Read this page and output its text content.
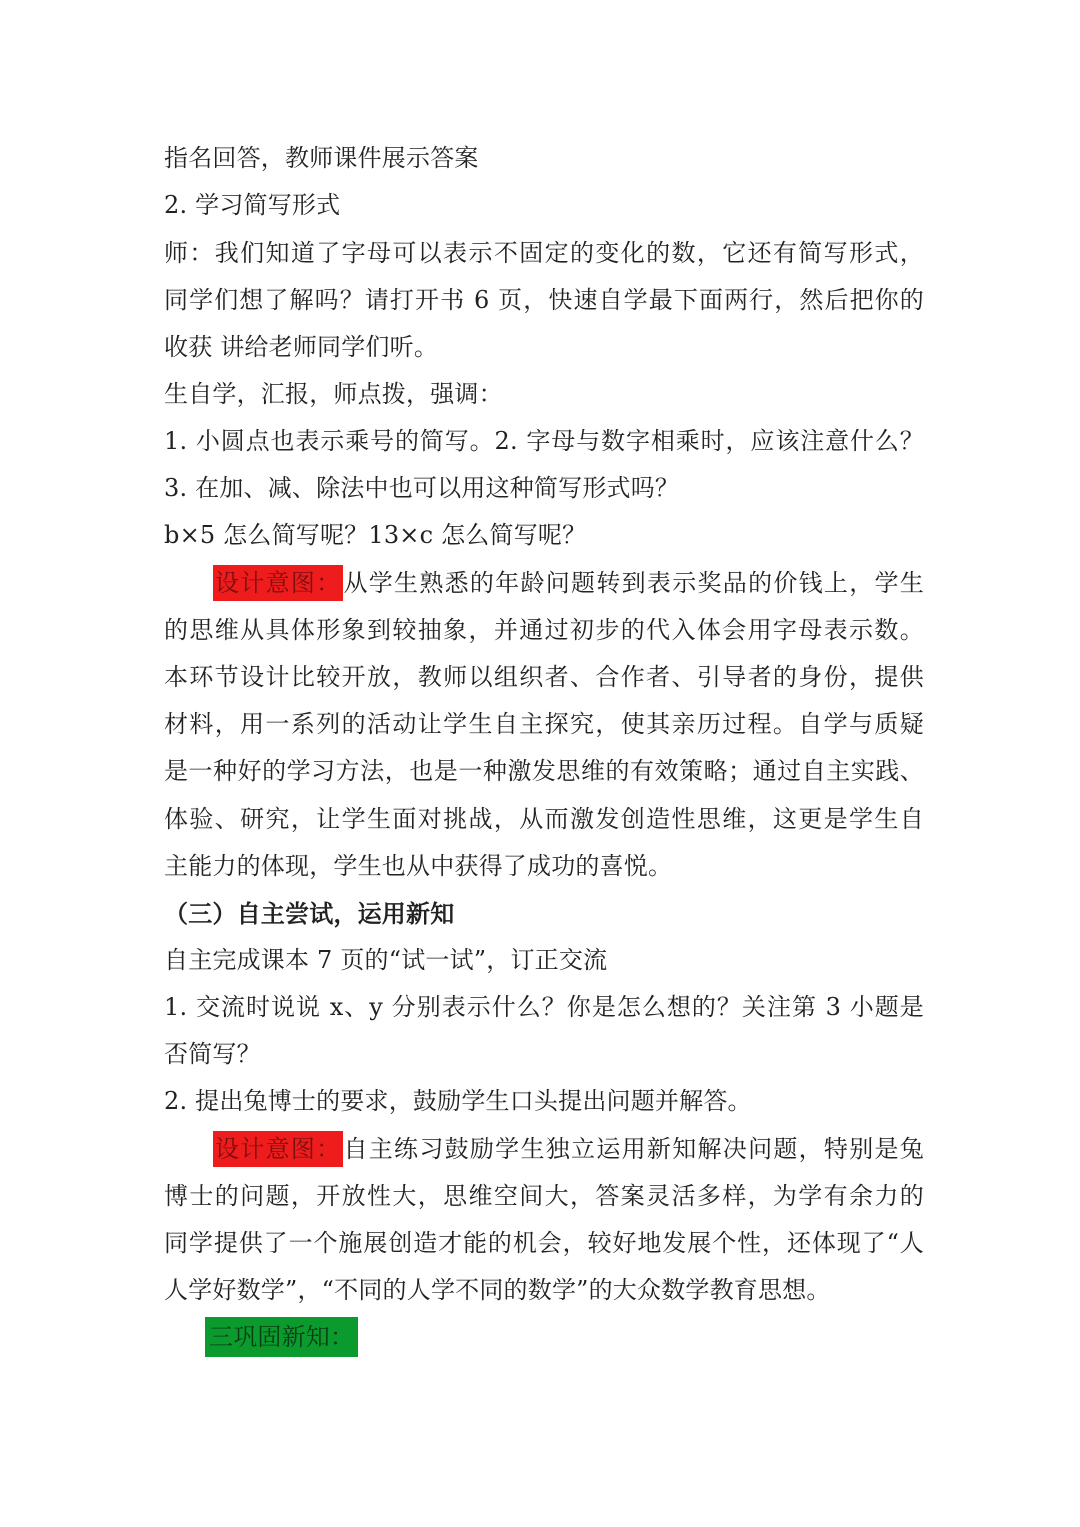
指名回答，教师课件展示答案
2. 学习简写形式
师：我们知道了字母可以表示不固定的变化的数，它还有简写形式，
同学们想了解吗？请打开书 6 页，快速自学最下面两行，然后把你的
收获 讲给老师同学们听。
生自学，汇报，师点拨，强调：
1. 小圆点也表示乘号的简写。2. 字母与数字相乘时，应该注意什么？
3. 在加、减、除法中也可以用这种简写形式吗？
b×5 怎么简写呢？13×c 怎么简写呢？
设计意图：从学生熟悉的年龄问题转到表示奖品的价钱上，学生
的思维从具体形象到较抽象，并通过初步的代入体会用字母表示数。
本环节设计比较开放，教师以组织者、合作者、引导者的身份，提供
材料，用一系列的活动让学生自主探究，使其亲历过程。自学与质疑
是一种好的学习方法，也是一种激发思维的有效策略；通过自主实践、
体验、研究，让学生面对挑战，从而激发创造性思维，这更是学生自
主能力的体现，学生也从中获得了成功的喜悦。
（三）自主尝试，运用新知
自主完成课本 7 页的“试一试”，订正交流
1. 交流时说说 x、y 分别表示什么？你是怎么想的？关注第 3 小题是
否简写？
2. 提出兔博士的要求，鼓励学生口头提出问题并解答。
设计意图：自主练习鼓励学生独立运用新知解决问题，特别是兔
博士的问题，开放性大，思维空间大，答案灵活多样，为学有余力的
同学提供了一个施展创造才能的机会，较好地发展个性，还体现了“人
人学好数学”，“不同的人学不同的数学”的大众数学教育思想。
三巩固新知：
